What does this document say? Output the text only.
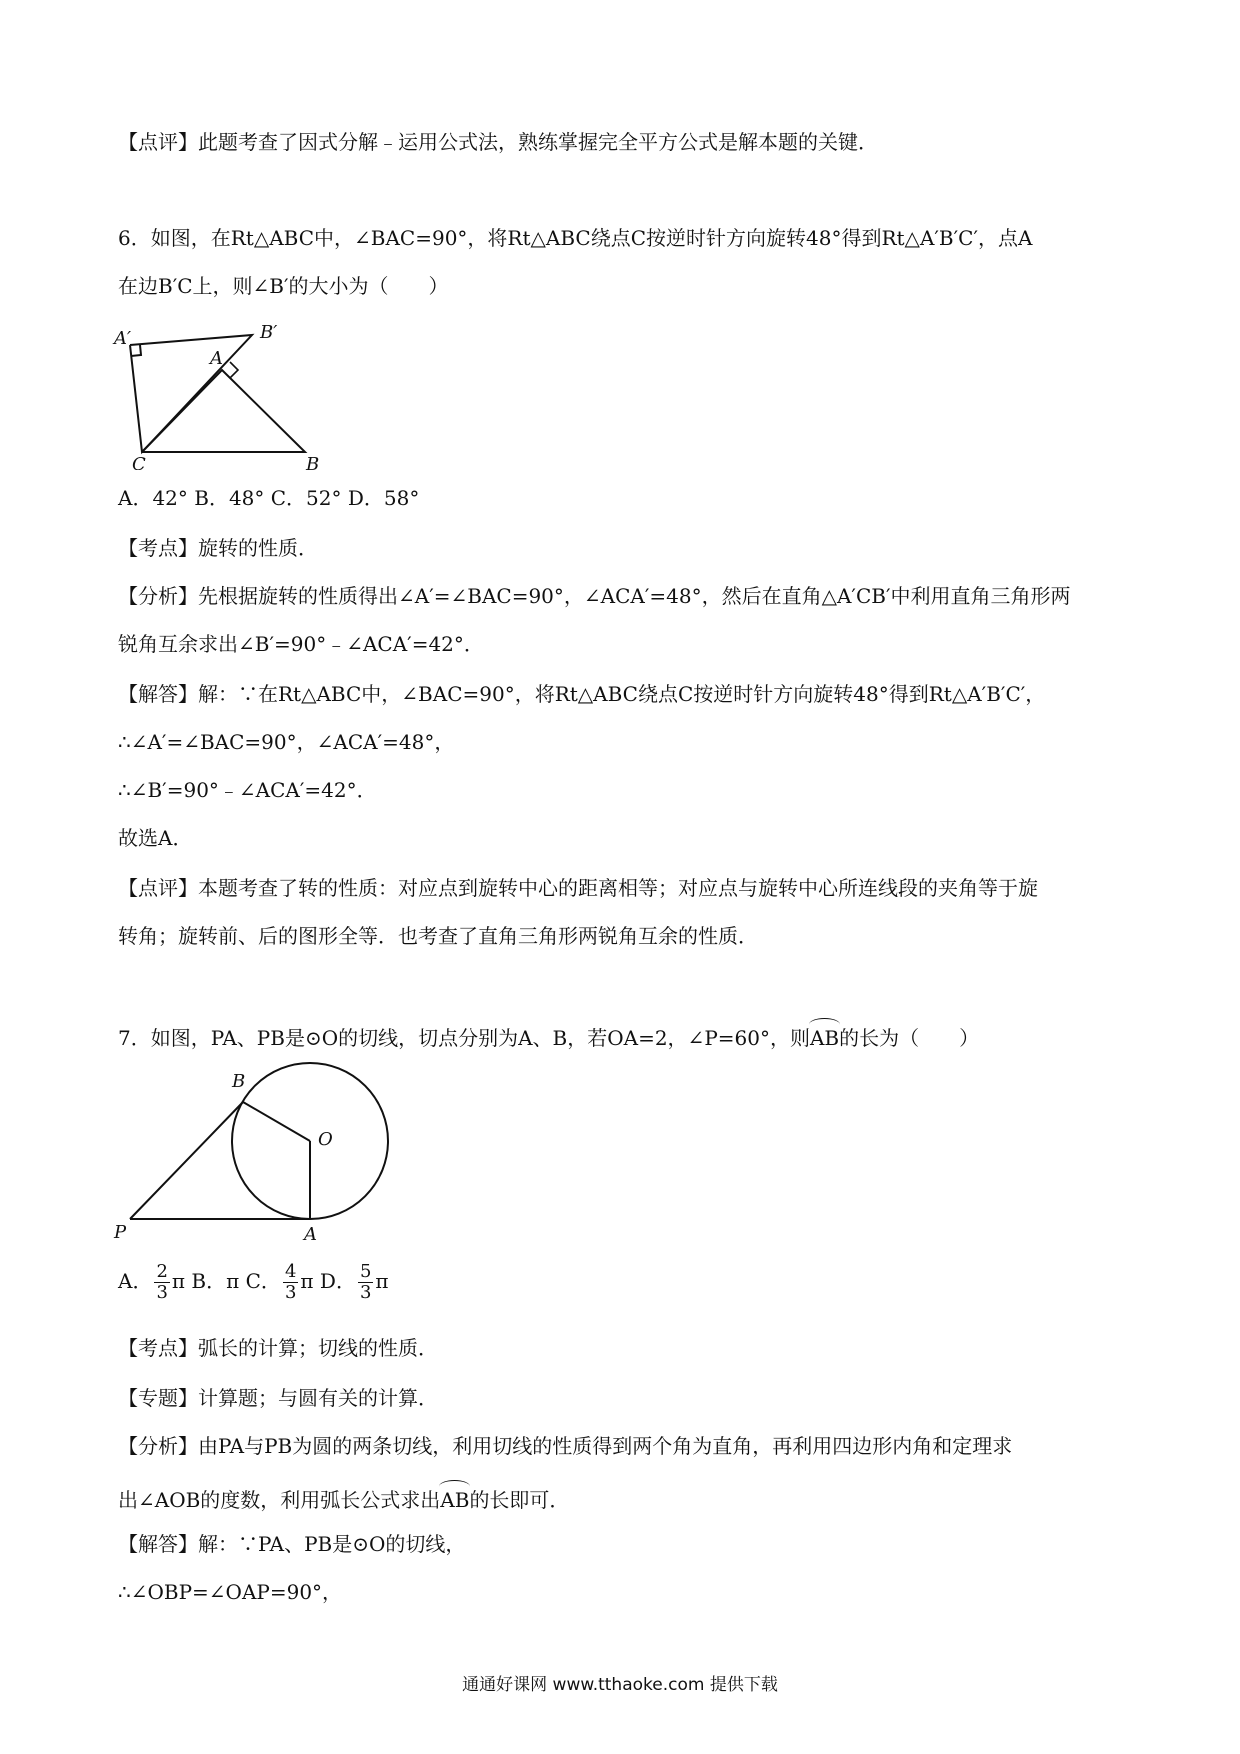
【点评】此题考查了因式分解﹣运用公式法，熟练掌握完全平方公式是解本题的关键．
6．如图，在Rt△ABC中，∠BAC=90°，将Rt△ABC绕点C按逆时针方向旋转48°得到Rt△A′B′C′，点A
在边B′C上，则∠B′的大小为（　　）
A′	B′
A
C	B
A．42° B．48° C．52° D．58°
【考点】旋转的性质．
【分析】先根据旋转的性质得出∠A′=∠BAC=90°，∠ACA′=48°，然后在直角△A′CB′中利用直角三角形两
锐角互余求出∠B′=90°﹣∠ACA′=42°．
【解答】解：∵在Rt△ABC中，∠BAC=90°，将Rt△ABC绕点C按逆时针方向旋转48°得到Rt△A′B′C′，
∴∠A′=∠BAC=90°，∠ACA′=48°，
∴∠B′=90°﹣∠ACA′=42°．
故选A．
【点评】本题考查了转的性质：对应点到旋转中心的距离相等；对应点与旋转中心所连线段的夹角等于旋
转角；旋转前、后的图形全等．也考查了直角三角形两锐角互余的性质．
7．如图，PA、PB是⊙O的切线，切点分别为A、B，若OA=2，∠P=60°，则AB的长为（　　）
B
O
P	A
A． $\frac{2}{3}$ π B．π C． $\frac{4}{3}$ π D． $\frac{5}{3}$ π
【考点】弧长的计算；切线的性质．
【专题】计算题；与圆有关的计算．
【分析】由PA与PB为圆的两条切线，利用切线的性质得到两个角为直角，再利用四边形内角和定理求
出∠AOB的度数，利用弧长公式求出AB的长即可．
【解答】解：∵PA、PB是⊙O的切线，
∴∠OBP=∠OAP=90°，
通通好课网 www.tthaoke.com 提供下载
